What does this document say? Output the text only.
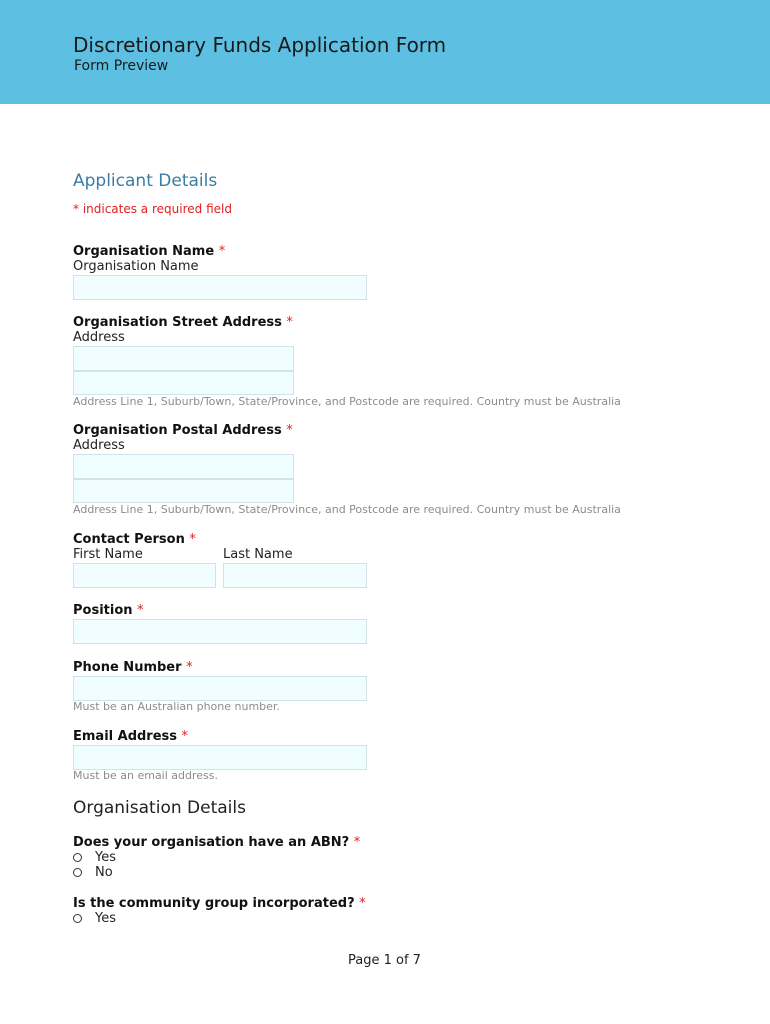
Discretionary Funds Application Form
Form Preview
Applicant Details
* indicates a required field
Organisation Name *
Organisation Name
Organisation Street Address *
Address
Address Line 1, Suburb/Town, State/Province, and Postcode are required. Country must be Australia
Organisation Postal Address *
Address
Address Line 1, Suburb/Town, State/Province, and Postcode are required. Country must be Australia
Contact Person *
First Name	Last Name
Position *
Phone Number *
Must be an Australian phone number.
Email Address *
Must be an email address.
Organisation Details
Does your organisation have an ABN? *
Yes
No
Is the community group incorporated? *
Yes
Page 1 of 7
